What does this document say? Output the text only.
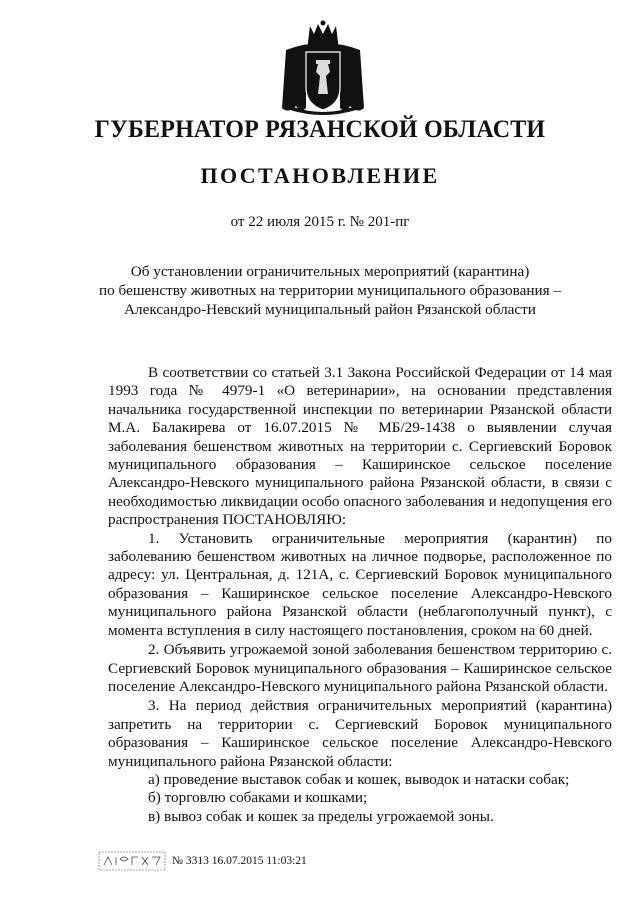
ГУБЕРНАТОР РЯЗАНСКОЙ ОБЛАСТИ
ПОСТАНОВЛЕНИЕ
от 22 июля 2015 г. № 201-пг
Об установлении ограничительных мероприятий (карантина)
по бешенству животных на территории муниципального образования –
Александро-Невский муниципальный район Рязанской области

В соответствии со статьей 3.1 Закона Российской Федерации от 14 мая 1993 года № 4979-1 «О ветеринарии», на основании представления начальника государственной инспекции по ветеринарии Рязанской области М.А. Балакирева от 16.07.2015 № МБ/29-1438 о выявлении случая заболевания бешенством животных на территории с. Сергиевский Боровок муниципального образования – Каширинское сельское поселение Александро-Невского муниципального района Рязанской области, в связи с необходимостью ликвидации особо опасного заболевания и недопущения его распространения ПОСТАНОВЛЯЮ:

1. Установить ограничительные мероприятия (карантин) по заболеванию бешенством животных на личное подворье, расположенное по адресу: ул. Центральная, д. 121А, с. Сергиевский Боровок муниципального образования – Каширинское сельское поселение Александро-Невского муниципального района Рязанской области (неблагополучный пункт), с момента вступления в силу настоящего постановления, сроком на 60 дней.

2. Объявить угрожаемой зоной заболевания бешенством территорию с. Сергиевский Боровок муниципального образования – Каширинское сельское поселение Александро-Невского муниципального района Рязанской области.

3. На период действия ограничительных мероприятий (карантина) запретить на территории с. Сергиевский Боровок муниципального образования – Каширинское сельское поселение Александро-Невского муниципального района Рязанской области:

а) проведение выставок собак и кошек, выводок и натаски собак;

б) торговлю собаками и кошками;

в) вывоз собак и кошек за пределы угрожаемой зоны.

№ 3313 16.07.2015 11:03:21
